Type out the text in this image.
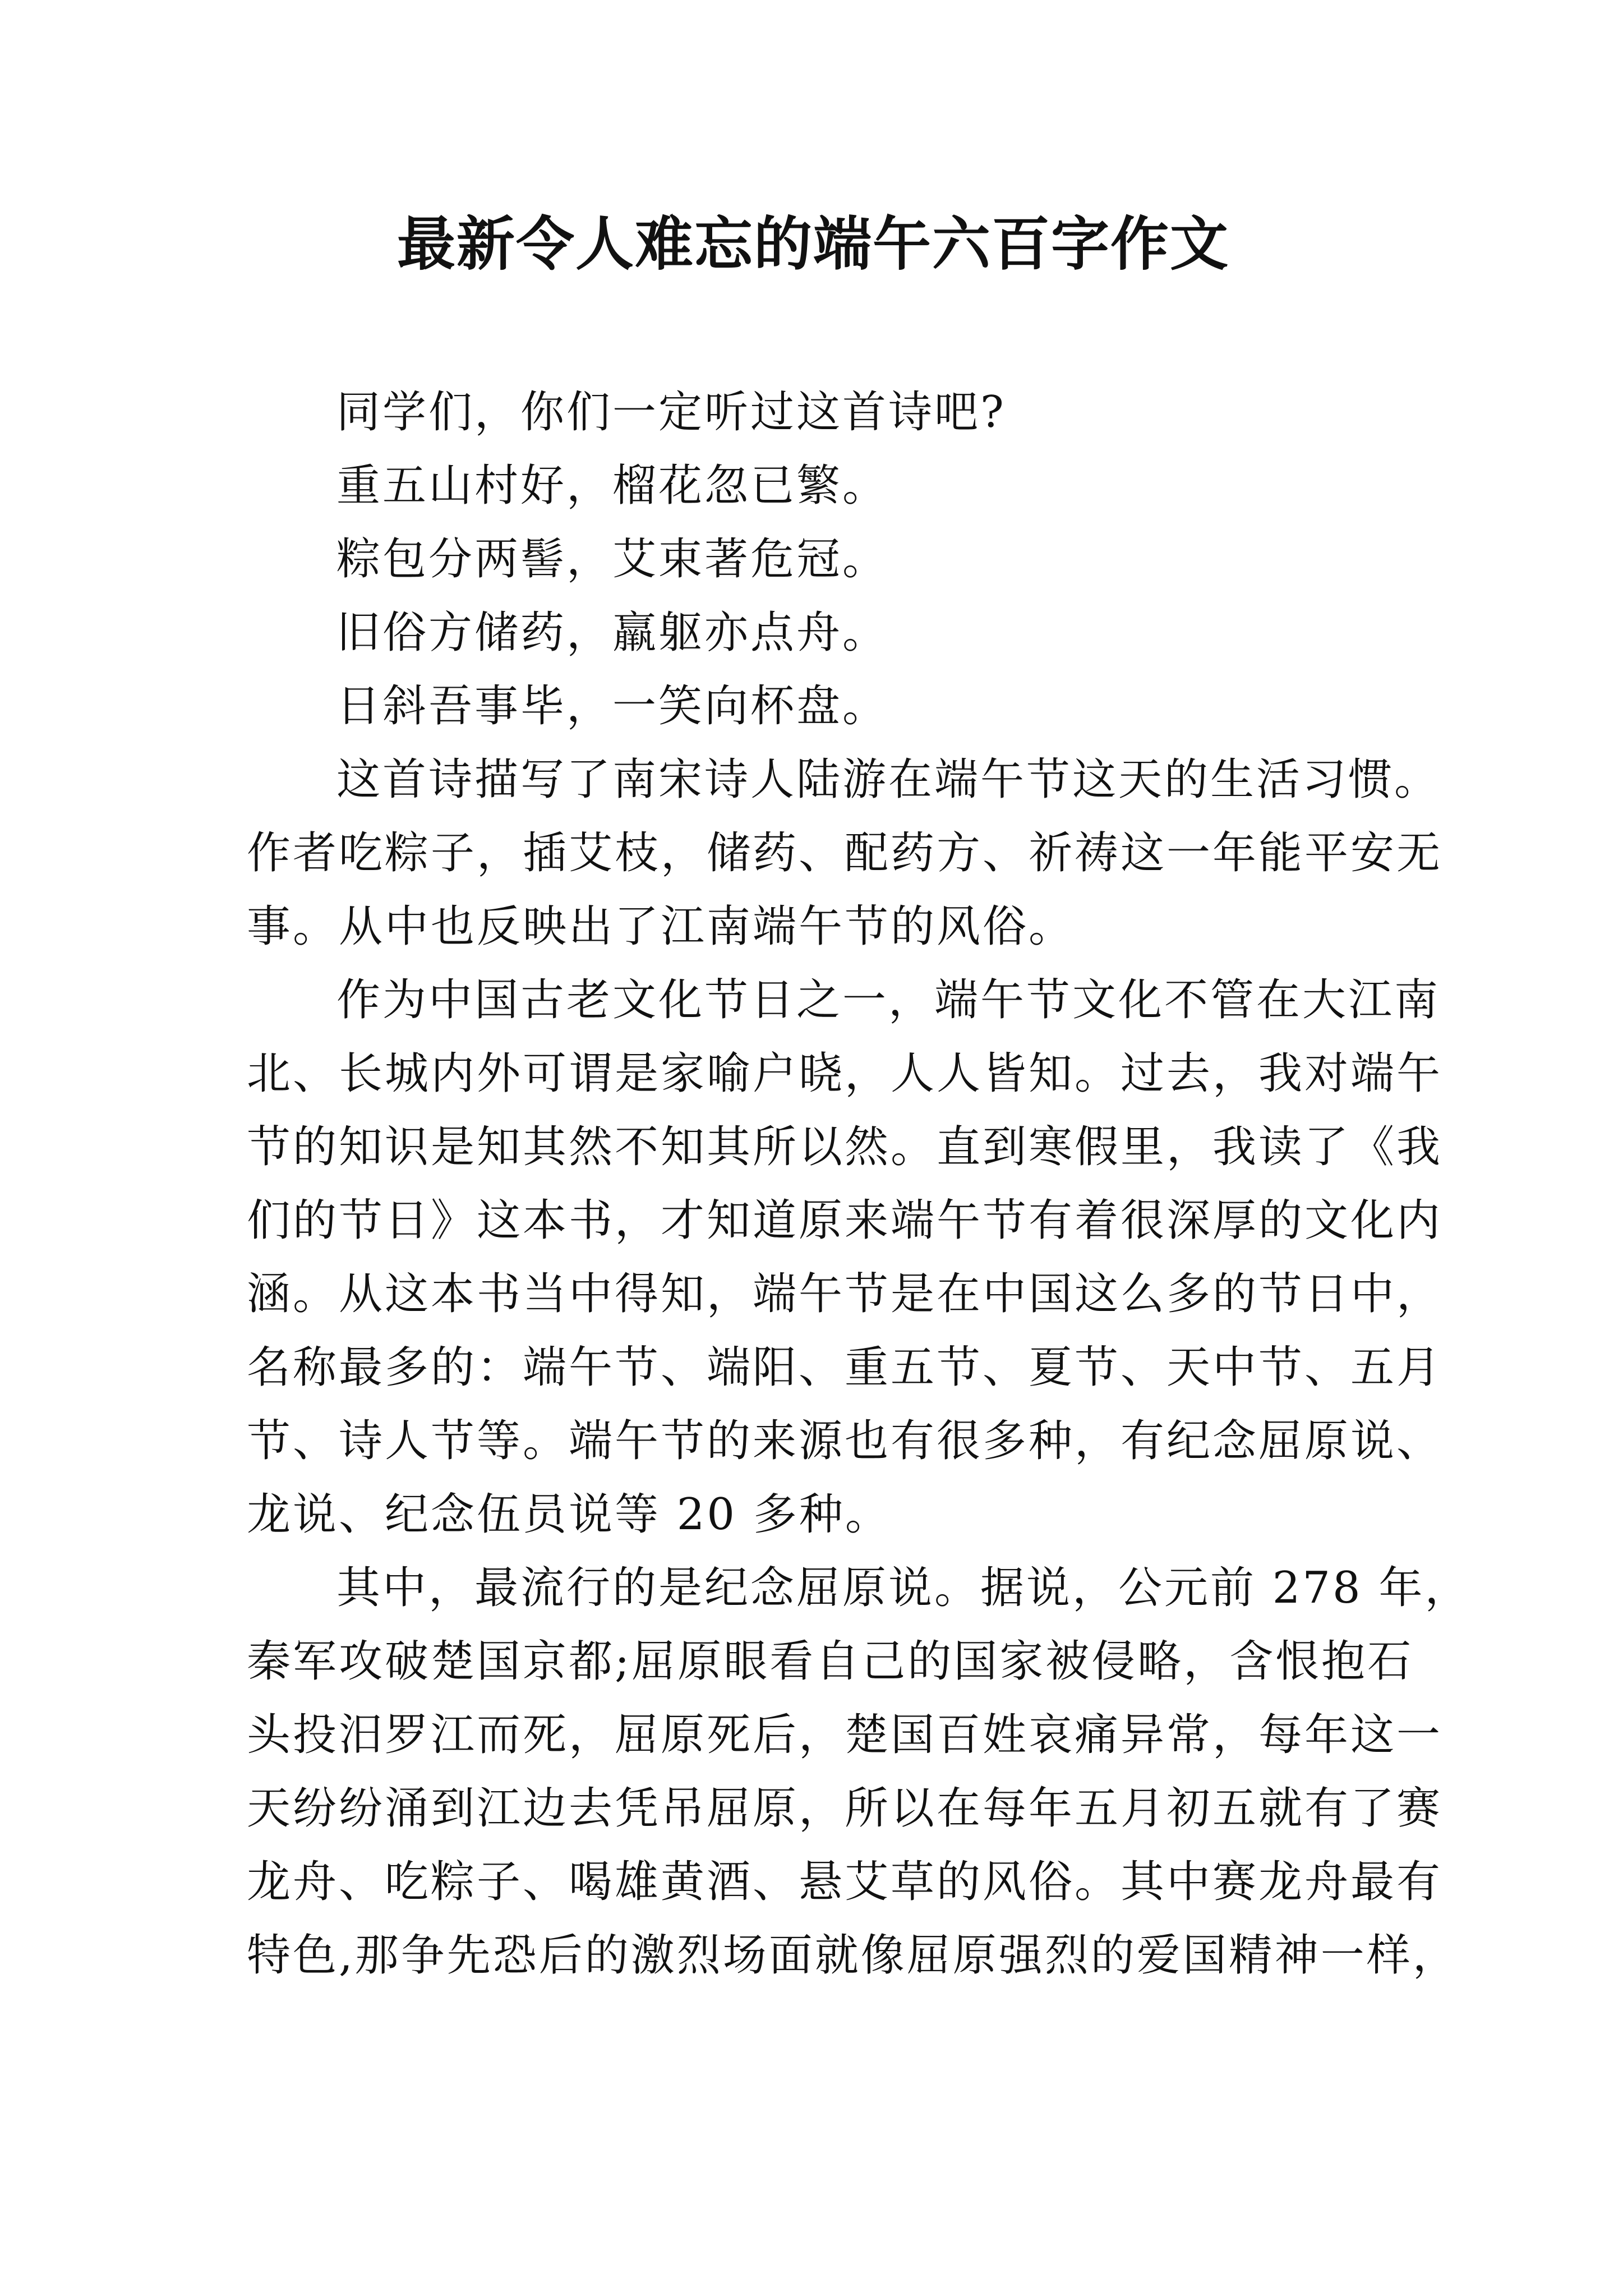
最新令人难忘的端午六百字作文

同学们，你们一定听过这首诗吧?

重五山村好，榴花忽已繁。

粽包分两髻，艾束著危冠。

旧俗方储药，羸躯亦点舟。

日斜吾事毕，一笑向杯盘。

这首诗描写了南宋诗人陆游在端午节这天的生活习惯。

作者吃粽子，插艾枝，储药、配药方、祈祷这一年能平安无

事。从中也反映出了江南端午节的风俗。

作为中国古老文化节日之一，端午节文化不管在大江南

北、长城内外可谓是家喻户晓，人人皆知。过去，我对端午

节的知识是知其然不知其所以然。直到寒假里，我读了《我

们的节日》这本书，才知道原来端午节有着很深厚的文化内

涵。从这本书当中得知，端午节是在中国这么多的节日中，

名称最多的：端午节、端阳、重五节、夏节、天中节、五月

节、诗人节等。端午节的来源也有很多种，有纪念屈原说、

龙说、纪念伍员说等 20 多种。

其中，最流行的是纪念屈原说。据说，公元前 278 年，

秦军攻破楚国京都;屈原眼看自己的国家被侵略，含恨抱石

头投汨罗江而死，屈原死后，楚国百姓哀痛异常，每年这一

天纷纷涌到江边去凭吊屈原，所以在每年五月初五就有了赛

龙舟、吃粽子、喝雄黄酒、悬艾草的风俗。其中赛龙舟最有

特色,那争先恐后的激烈场面就像屈原强烈的爱国精神一样，
